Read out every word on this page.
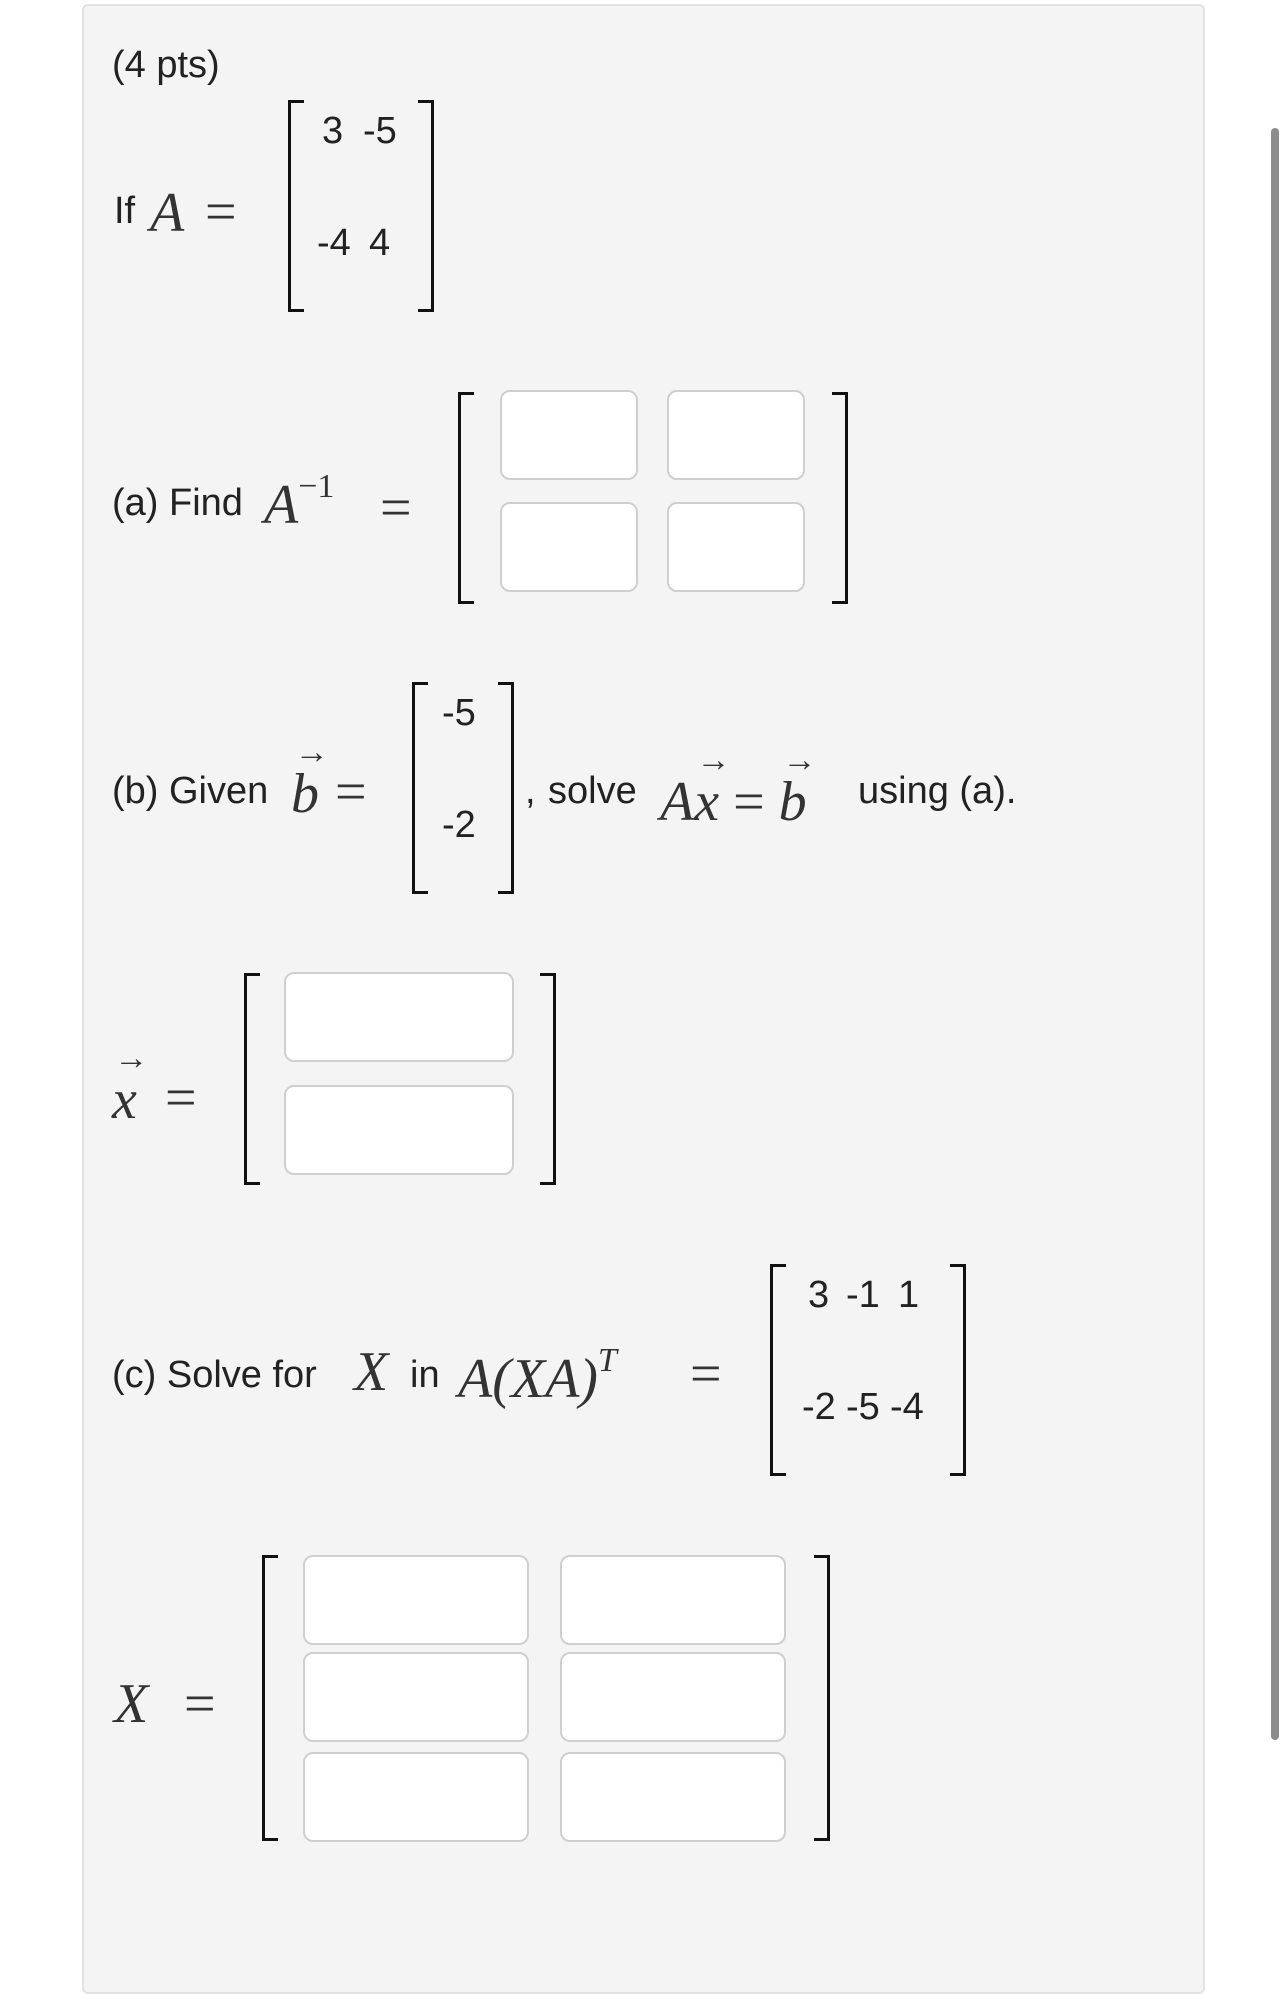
(4 pts)
If A =
3 -5
-4 4
(a) Find $A^{-1}$ =
(b) Given → b =
-5
-2
, solve A→ x = → b using (a).
→ x =
(c) Solve for X in A(XA)$^T$ =
3 -1 1
-2 -5 -4
X =
